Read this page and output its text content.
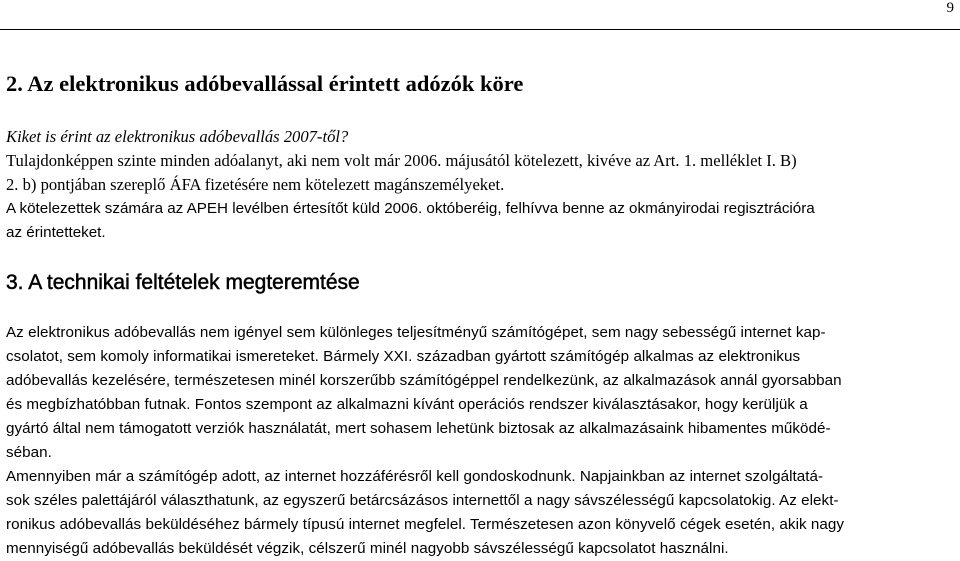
9
2. Az elektronikus adóbevallással érintett adózók köre

Kiket is érint az elektronikus adóbevallás 2007-től?

Tulajdonképpen szinte minden adóalanyt, aki nem volt már 2006. májusától kötelezett, kivéve az Art. 1. melléklet I. B)
2. b) pontjában szereplő ÁFA fizetésére nem kötelezett magánszemélyeket.

A kötelezettek számára az APEH levélben értesítőt küld 2006. októberéig, felhívva benne az okmányirodai regisztrációra
az érintetteket.

3. A technikai feltételek megteremtése

Az elektronikus adóbevallás nem igényel sem különleges teljesítményű számítógépet, sem nagy sebességű internet kap-
csolatot, sem komoly informatikai ismereteket. Bármely XXI. században gyártott számítógép alkalmas az elektronikus
adóbevallás kezelésére, természetesen minél korszerűbb számítógéppel rendelkezünk, az alkalmazások annál gyorsabban
és megbízhatóbban futnak. Fontos szempont az alkalmazni kívánt operációs rendszer kiválasztásakor, hogy kerüljük a
gyártó által nem támogatott verziók használatát, mert sohasem lehetünk biztosak az alkalmazásaink hibamentes működé-
séban.

Amennyiben már a számítógép adott, az internet hozzáférésről kell gondoskodnunk. Napjainkban az internet szolgáltatá-
sok széles palettájáról választhatunk, az egyszerű betárcsázásos internettől a nagy sávszélességű kapcsolatokig. Az elekt-
ronikus adóbevallás beküldéséhez bármely típusú internet megfelel. Természetesen azon könyvelő cégek esetén, akik nagy
mennyiségű adóbevallás beküldését végzik, célszerű minél nagyobb sávszélességű kapcsolatot használni.
